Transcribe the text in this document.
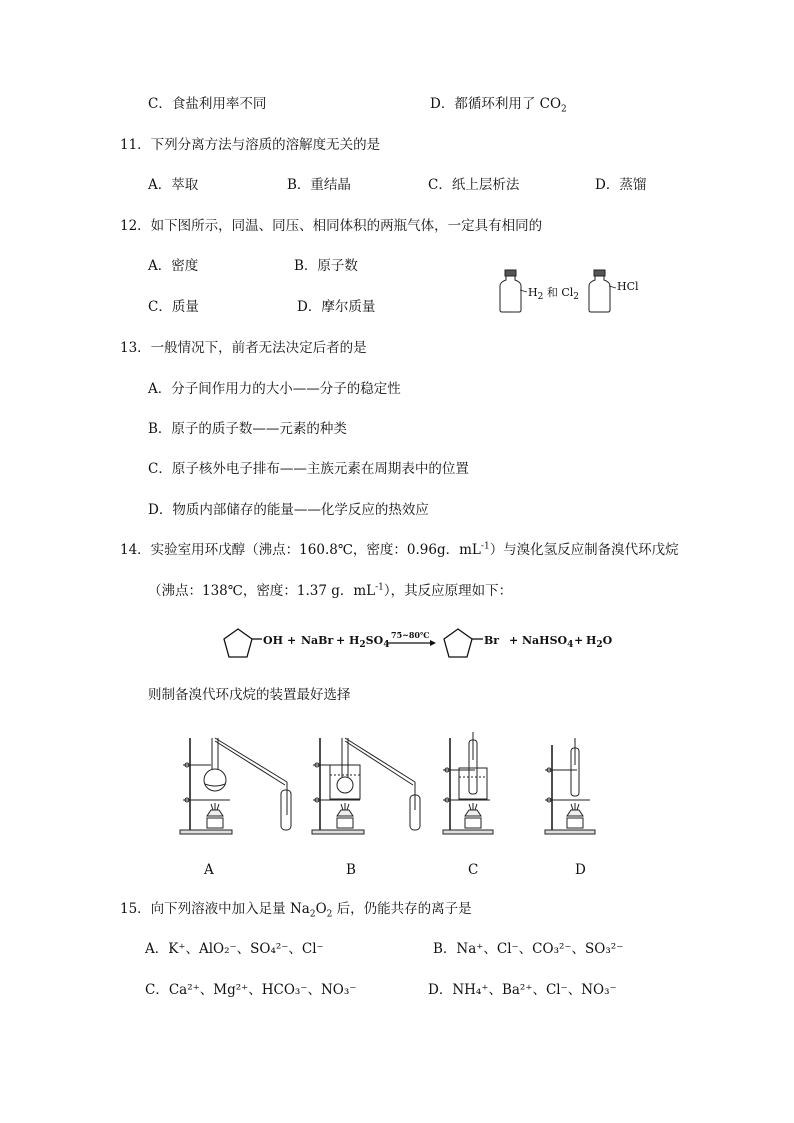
C．食盐利用率不同	D．都循环利用了 $CO_2$
11．下列分离方法与溶质的溶解度无关的是
A．萃取	B．重结晶	C．纸上层析法	D．蒸馏
12．如下图所示，同温、同压、相同体积的两瓶气体，一定具有相同的
A．密度	B．原子数
C．质量	D．摩尔质量
$H_2$ 和 $Cl_2$
HCl
13．一般情况下，前者无法决定后者的是
A．分子间作用力的大小——分子的稳定性
B．原子的质子数——元素的种类
C．原子核外电子排布——主族元素在周期表中的位置
D．物质内部储存的能量——化学反应的热效应
14．实验室用环戊醇（沸点：160.8℃，密度：0.96g．$mL^{-1}$）与溴化氢反应制备溴代环戊烷
（沸点：138℃，密度：1.37 g．$mL^{-1}$），其反应原理如下：
OH + NaBr + $H_2SO_4$
75~80℃	Br + NaHSO$_4$ + $H_2O$
则制备溴代环戊烷的装置最好选择
A	B	C	D
15．向下列溶液中加入足量 $Na_2O_2$ 后，仍能共存的离子是
A．K⁺、AlO₂⁻、SO₄²⁻、Cl⁻	B．Na⁺、Cl⁻、CO₃²⁻、SO₃²⁻
C．Ca²⁺、Mg²⁺、HCO₃⁻、NO₃⁻	D．NH₄⁺、Ba²⁺、Cl⁻、NO₃⁻
